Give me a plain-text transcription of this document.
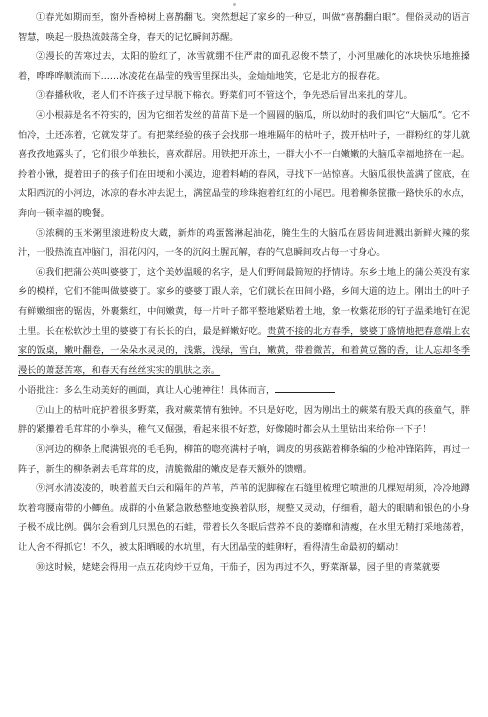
①春光如期而至，窗外香樟树上喜鹊翻飞。突然想起了家乡的一种豆，叫做“喜鹊翻白眼”。俚俗灵动的语言智慧，唤起一股热流鼓荡全身，春天的记忆瞬间苏醒。

②漫长的苦寒过去，太阳的脸红了，冰雪就绷不住严肃的面孔忍俊不禁了，小河里融化的冰块快乐地推搡着，哗哗哗顺流而下……冰凌花在晶莹的残雪里探出头，金灿灿地笑，它是北方的报春花。

③春播秋收，老人们不许孩子过早脱下棉衣。野菜们可不管这个，争先恐后冒出来扎的芽儿。

④小根蒜是名不符实的，因为它细若发丝的苗苗下是一个圆圆的脑瓜，所以幼时的我们叫它“大脑瓜”。它不怕冷，土还冻着，它就发芽了。有把菜经验的孩子会找那一堆堆隔年的枯叶子，拨开枯叶子，一群粉红的芽儿就喜孜孜地露头了，它们很少单独长，喜欢群居。用铁把开冻土，一群大小不一白嫩嫩的大脑瓜幸福地挤在一起。拎着小锹，提着田子的孩子们在田埂和小溪边，迎着料峭的春风，寻找下一站惊喜。大脑瓜很快盖满了筐底，在太阳西沉的小河边，冰凉的春水冲去泥土，满筐晶莹的珍珠抱着红红的小尾巴。甩着柳条筐撒一路快乐的水点，奔向一顿幸福的晚餐。

⑤浓稠的玉米粥里滚进粉皮大蔵，新炸的鸡蛋酱淋起油花，腌生生的大脑瓜在唇齿间进溅出新鲜火辣的浆汁，一股热流直冲脑门，泪花闪闪，一冬的沉闷土腥瓦解，春的气息瞬间攻占每一寸身心。

⑥我们把蒲公英叫婆婆丁，这个美妙温暖的名字，是人们野间最简短的抒情诗。东乡土地上的蒲公英没有家乡的模样，它们不能叫做婆婆丁。家乡的婆婆丁跟人亲，它们就长在田间小路，乡间大道的边上。刚出土的叶子有鲜嫩细密的锯齿，外裹紫红，中间嫩黄，每一片叶子都平整地紧贴着土地，象一枚紫花形的钉子温柔地钉在泥土里。长在松软沙土里的婆婆丁有长长的白，最是鲜嫩好吃。贵黄不接的北方春季，婆婆丁盛情地把春意端上农家的饭桌，嫩叶翻卷，一朵朵水灵灵的，浅紫，浅绿，雪白，嫩黄，带着微苦，和着黄豆酱的香，让人忘却冬季漫长的萧瑟苦寒，和春天有丝丝实实的肌肤之亲。

小语批注：多么生动美好的画面，真让人心驰神往！具体而言，

⑦山上的枯叶庇护着很多野菜，我对蕨菜情有独钟。不只是好吃，因为刚出土的蕨菜有股天真的孩童气，胖胖的紧攥着毛茸茸的小拳头，稚气又倔强，看起来很不好惹，好像随时都会从土里钻出来给你一下子！

⑧河边的柳条上爬满银亮的毛毛狗，柳笛的唿亮满村子响，调皮的男孩踮着柳条编的少枪冲锋陷阵，再过一阵子，新生的柳条剥去毛茸茸的皮，清脆微甜的嫩皮是春天额外的馈赠。

⑨河水清凌凌的，映着蓝天白云和隔年的芦苇，芦苇的泥脚稼在石缝里梳理它喷泄的几棵短胡须，冷冷地蹲坎着弯腰南带的小鲫鱼。成群的小鱼紧急散愁整地变换着队形，规整又灵动，仔细看，超大的眼睛和银色的小身子极不成比例。偶尔会看到几只黑色的石蛙，带着长久冬眠后营养不良的萎靡和清瘦，在水里无精打采地荡着，让人舍不得抓它！不久，被太阳晒暖的水坑里，有大团晶莹的蛙卵籽，看得清生命最初的蠕动！

⑩这时候，姥姥会得用一点五花肉炒干豆角，干茄子，因为再过不久，野菜渐暴，园子里的青菜就要
